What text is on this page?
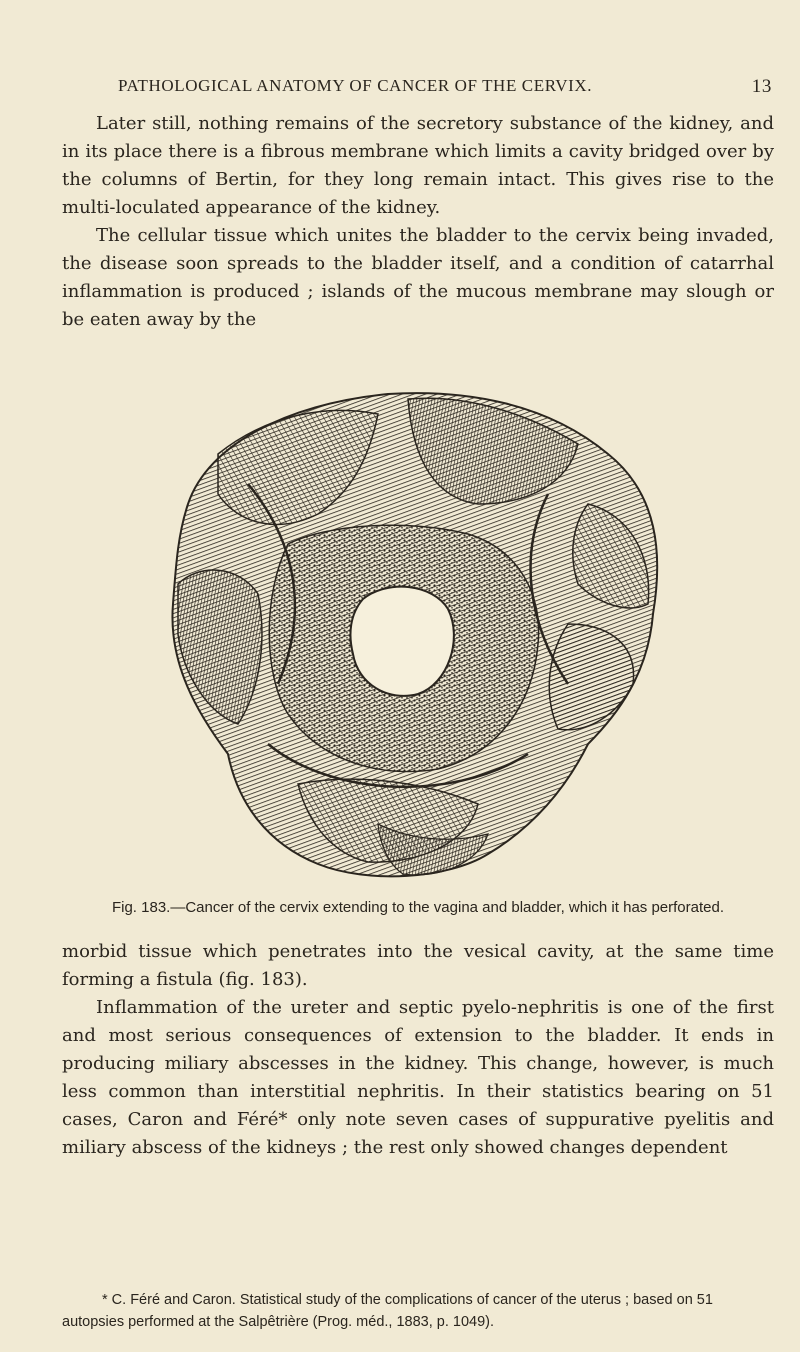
PATHOLOGICAL ANATOMY OF CANCER OF THE CERVIX.	13

Later still, nothing remains of the secretory substance of the kidney, and in its place there is a fibrous membrane which limits a cavity bridged over by the columns of Bertin, for they long remain intact. This gives rise to the multi-loculated appearance of the kidney.

The cellular tissue which unites the bladder to the cervix being invaded, the disease soon spreads to the bladder itself, and a condition of catarrhal inflammation is produced ; islands of the mucous membrane may slough or be eaten away by the

Fig. 183.—Cancer of the cervix extending to the vagina and bladder, which it has perforated.

morbid tissue which penetrates into the vesical cavity, at the same time forming a fistula (fig. 183).

Inflammation of the ureter and septic pyelo-nephritis is one of the first and most serious consequences of extension to the bladder. It ends in producing miliary abscesses in the kidney. This change, however, is much less common than interstitial nephritis. In their statistics bearing on 51 cases, Caron and Féré* only note seven cases of suppurative pyelitis and miliary abscess of the kidneys ; the rest only showed changes dependent

* C. Féré and Caron. Statistical study of the complications of cancer of the uterus ; based on 51 autopsies performed at the Salpêtrière (Prog. méd., 1883, p. 1049).
